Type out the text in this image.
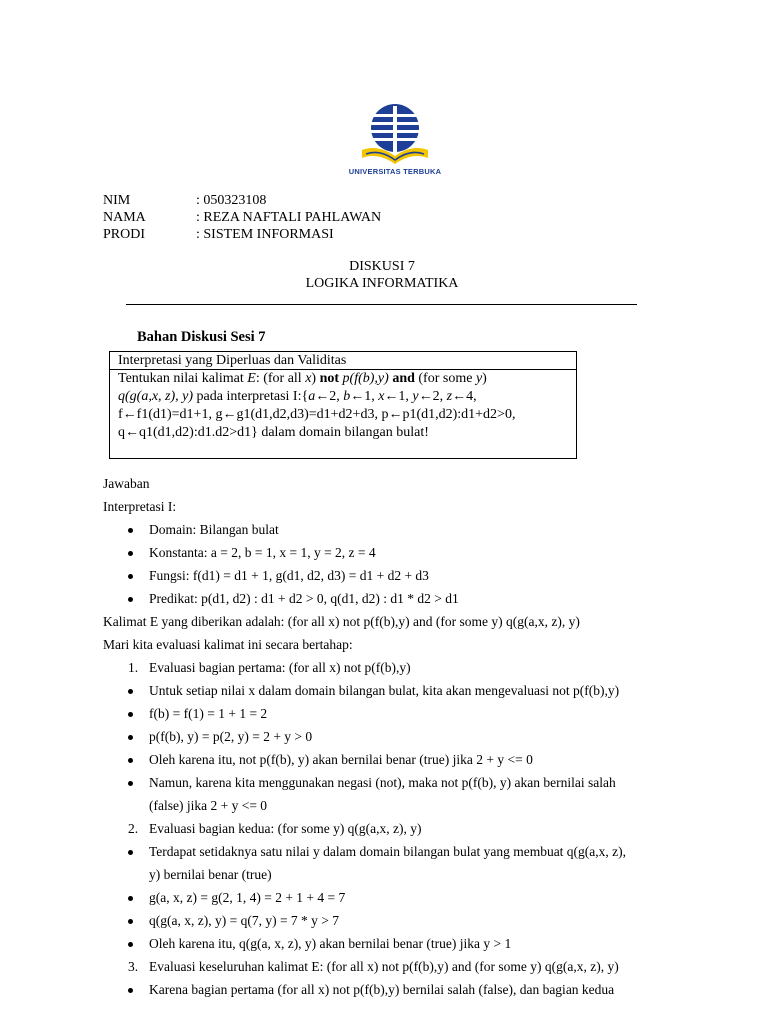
UNIVERSITAS TERBUKA
NIM	: 050323108
NAMA	: REZA NAFTALI PAHLAWAN
PRODI	: SISTEM INFORMASI
DISKUSI 7
LOGIKA INFORMATIKA
Bahan Diskusi Sesi 7
Interpretasi yang Diperluas dan Validitas
Tentukan nilai kalimat E: (for all x) not p(f(b),y) and (for some y)
q(g(a,x, z), y) pada interpretasi I:{a←2, b←1, x←1, y←2, z←4,
f←f1(d1)=d1+1, g←g1(d1,d2,d3)=d1+d2+d3, p←p1(d1,d2):d1+d2>0,
q←q1(d1,d2):d1.d2>d1} dalam domain bilangan bulat!
Jawaban
Interpretasi I:
Domain: Bilangan bulat
Konstanta: a = 2, b = 1, x = 1, y = 2, z = 4
Fungsi: f(d1) = d1 + 1, g(d1, d2, d3) = d1 + d2 + d3
Predikat: p(d1, d2) : d1 + d2 > 0, q(d1, d2) : d1 * d2 > d1
Kalimat E yang diberikan adalah: (for all x) not p(f(b),y) and (for some y) q(g(a,x, z), y)
Mari kita evaluasi kalimat ini secara bertahap:
1. Evaluasi bagian pertama: (for all x) not p(f(b),y)
Untuk setiap nilai x dalam domain bilangan bulat, kita akan mengevaluasi not p(f(b),y)
f(b) = f(1) = 1 + 1 = 2
p(f(b), y) = p(2, y) = 2 + y > 0
Oleh karena itu, not p(f(b), y) akan bernilai benar (true) jika 2 + y <= 0
Namun, karena kita menggunakan negasi (not), maka not p(f(b), y) akan bernilai salah
(false) jika 2 + y <= 0
2. Evaluasi bagian kedua: (for some y) q(g(a,x, z), y)
Terdapat setidaknya satu nilai y dalam domain bilangan bulat yang membuat q(g(a,x, z),
y) bernilai benar (true)
g(a, x, z) = g(2, 1, 4) = 2 + 1 + 4 = 7
q(g(a, x, z), y) = q(7, y) = 7 * y > 7
Oleh karena itu, q(g(a, x, z), y) akan bernilai benar (true) jika y > 1
3. Evaluasi keseluruhan kalimat E: (for all x) not p(f(b),y) and (for some y) q(g(a,x, z), y)
Karena bagian pertama (for all x) not p(f(b),y) bernilai salah (false), dan bagian kedua
